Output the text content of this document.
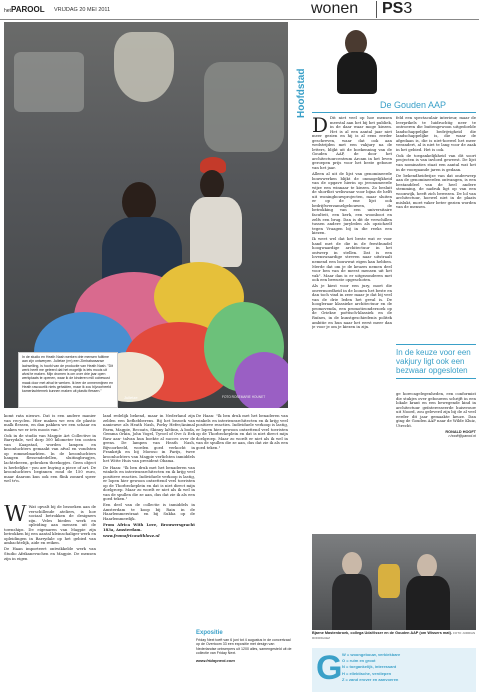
hetPAROOL VRIJDAG 20 MEI 2011	wonen PS3
Julletze	FOTO ROSEMARIE HOUNET
In de studio en Heath Nash werken drie mensen fulltime aan zijn ontwerpen. Julletze (rm) een Zimbabwaanse lachselling, is hoofd van de productie van Heath Nash. "Dit werk heeft me geleerd dat het mogelijk is iets moois uit afval te maken. Mijn dromen is om over drie jaar open werkplaats te openen, waar ik de kinderen mill oobewust maak door met afval te werken. Ik leer de onmenmijnen en Heath rascaurtik niets gehalden, maar ik zou bijvoorbeeld kamerlachternek kunnen maken uit plastic flessen."

komt rata nieuws. Dat is een andere manier van recyclen. Hier maken we een de plastic malk flessen, en dan pakken we een schaar en maken we er iets moois van."

Ook in de studio van Magpie Art Collective in Barrydale, wel dorp 300 kilometer ten oosten van Kaapstad, worden lampen en kroonluchters gemaakt van afval en vondsten op rommelmarkten. In de kroonluchters hangen flessendedellen, sluitingbrugjes, lachtebeeen, gebroken theekopjes. Geen object is herbelijke - you are buying a piece of art. De kroonluchters beginnen rond de 150 euro, maar daarom kun ook een flink zonnrd speer wel tr'n.

W Wat opvalt bij de bezoeken aan de verschillende ateliers, is hoe sociaal betrokken de designers zijn. Veles bieden werk en opleiding aan mensen uit de townships. De eigenaren van Magpie zijn betrokken bij een aantal kleinschaliger werk en opleidingen in Barrydale op het gebied van ambachtelijk, aide en reiken.

De Haan importeert ontwikkelde werk van Studio Afrikanevuchen en Magpie. De mensen zijn in eigen

land redelijk bekend, maar in Nederland zijn zelden een liefhebberens. Bij het bezoek van nanieuwe als Heath Nash, Porky Hefer/Animal Farm, Magpie, Recoats, Skinny laMinx, A boda, Gemma Orkin, John Vogel, Tyroel of Ove & Eek Raw aan- talvan hun boekte al succes over de grens. De lampen van Heath Nash, Bijvoorbeeld, worden goed verkocht in Frankrijk en bij Moroso in Parijs, twee kroonluchters van Magpie verlichten inmiddels het Witte Huis van president Obama.

De Haan: "Ik ben druk met het benaderen van winkels en interieurarchitecten en ik krijg veel positieve reacties. Individuele verkoop is lastig, er lopen hier gewoon ontzettend veel toeristen op de Thorbeckeplein en dat is niet direct mijn doelgroep. Maar zo wordt er niet als ik wel in van de spullen die ze aan, dus dat zie ik als een goed teken."

Een deel van de collectie is inmiddels in Amsterdam te koop bij Rain in de Haarlemmerstraat en bij Sukha op de Haarlemmerdijk.

From Africa With Love, Brouwersgracht 183a, Amsterdam.

www.fromafricawithlove.nl

Expositie
Friday Next toeft van 6 juni tot 4 augustus in de concertzaal op de Overtoom 33 een expositie met design van Nederlandse ontwerpers uit 1200 alles, samengesteld uit de collectie van Friday Next.
www.fridaynext.com

De Haan: "Ik ben druk met het benaderen van winkels en interieurarchitecten en ik krijg veel positieve reacties. Individuele verkoop is lastig, er lopen hier gewoon ontzettend veel toeristen op de Thorbeckeplein en dat is niet direct mijn doelgroep. Maar zo wordt er niet als ik wel in van de spullen die ze aan, dus dat zie ik als een goed teken."

Hoofdstad	De Gouden AAP
D Dit niet veel op hoe mensen meestal aan het bij het publiek, in de daar waar moge kiezen. Het is al een aantal jaar niet meer gezien en hij is al eens eerder geschreven, waar dat ook aan wedstrijden met een vakjury na de letters, blijkt uit de boekenning van de Gouden AAP, de door het architectuurcentrum Arcam in het leven geroepen prijs voor het beste gebouw van het jaar.

Alleen al uit de lijst van genomineerde bouwwerken blijkt de onmogelijkheid van de opgave hierin op jeronumeerde wijze een winnaar te kiezen. Zo besluit de shortlist weliswaar voor bijna de helft uit woningbouwprojecten, maar sluiten er op de ene lijst ook bedrijfsverzamelgebouwen, de betrokking van een universitaire faculteit, een kerk, een woonboot en zelfs een brug. Dan is dit de verschillen tussen andere juryleden als opzichzelf tegen Vraagen bij in die reeks een kiezen.

Ik weet wel dat het beste wat er voor hand met de die in de feestbundel hoogwaardige architectuur in het ontwerp in stellen. Dat is een lovenswaardige streven naar uitstraalt nemend een bouwwat eigen kan hebben. Merde dat om je de keuzes nemen deel voor ben van de meest mensen uit het vak". Maar dan is er uitgezonderen met ook een bewuste opgeschoten.

Als je kiest voor een jury, moet die onvermoedheid in de loonen het beste en dan toch vind in zeer maar je dat bij veel van de drie leden het geval is. De hoogleraar klassieke architectuur en de promovenda, een promotieonderzoek op de Griekse poëtisch-klassiek en de Ruïnes, in de kunstgeschiedenis politek ambitie en hun naar het eerst meer dan je voor je om je kiezen in zijn.

feld een spectaculair interieur, maar de leerprikels te luidruchtig neer te ontroeren die buitengewoon uitgedoelde landschappelijke bedrijvigheid die landschappelijke is, die waar de afgedaan is, die is niet-hoewel het meer verandert, al is niet te lang voor de zaak in het gebied. Het is ook.

Ook de toegankelijkheid van dit soort projecten is van invloed geweest. De lijst van nominaties staat een aantal wat het in de voorgaande jaren is gedaan.

De bekendheidwijze van dat onderwerp aan de genomineerden ontvangen, is een bestanddeel van de heel andere stemming, de nadruk ligt op van een woonwijk, heeft zich bewezen. De lol van architectuur, hoewel niet in de plaats mislukt, moet vaker beter gezien worden van de mensen.

In de keuze voor een vakjury ligt ook een bezwaar opgesloten

ge horecagelegenheden, een conformist die stukjes over gebouwen schrijft in een lokale krant en een bewegende kind in architectuur geïnteresseerde huisvrouw uit Noord, zou geleverd zijn bij de al veel eerder dit jaar gemaakte keuze. Dan ging de Gouden AAP naar de Wilde Kluiz, Utrecht.

RONALD HOOFT
r.hooft@parool.nl
Bjarne Mastenbroek, collega UdaVisser en de Gouden AAP (om Wissers mat). FOTO JURRIAN RODRIGUEZ
G W = woongebouw, verkiekbare
O = ruim en groot
N = toegankelijk, interessant
H = ellektische, verdiepen
Z = zand erover en aanvoeren
